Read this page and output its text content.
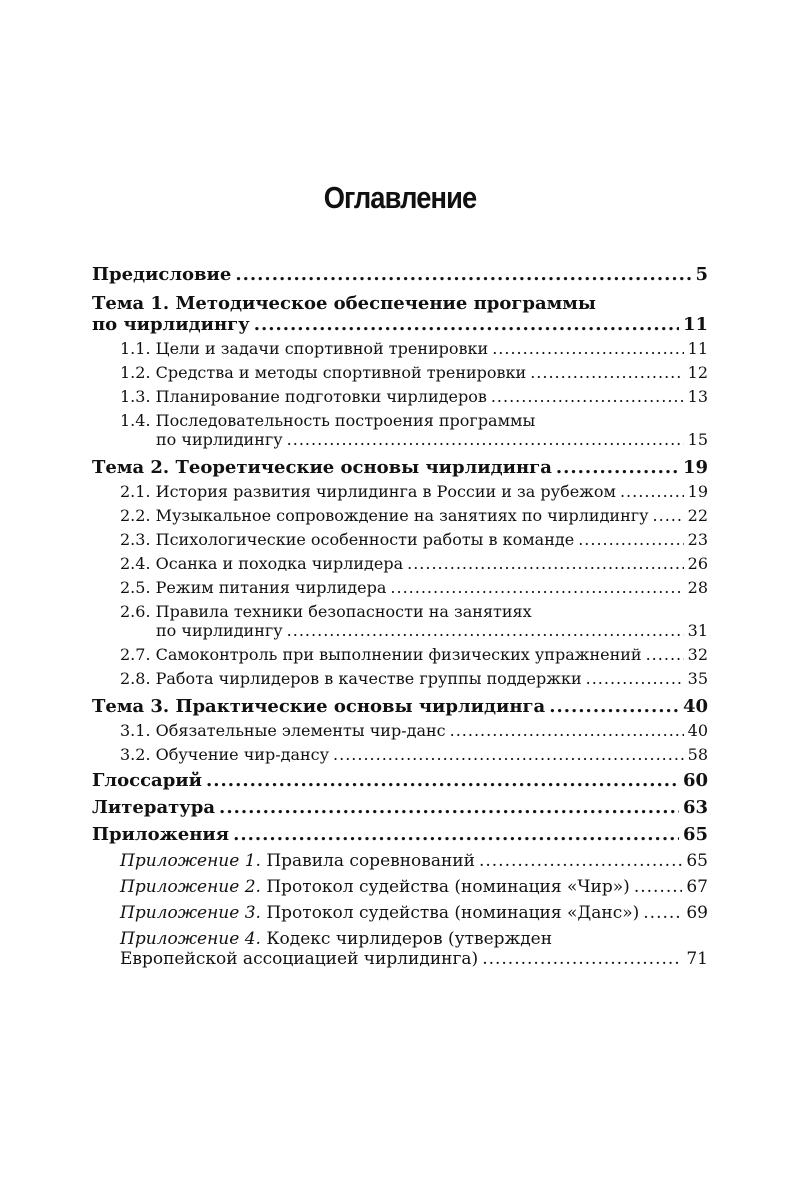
Оглавление
Предисловие .....	5
Тема 1. Методическое обеспечение программы
по чирлидингу .....	11
1.1. Цели и задачи спортивной тренировки .....	11
1.2. Средства и методы спортивной тренировки .....	12
1.3. Планирование подготовки чирлидеров .....	13
1.4. Последовательность построения программы
по чирлидингу .....	15
Тема 2. Теоретические основы чирлидинга .....	19
2.1. История развития чирлидинга в России и за рубежом .....	19
2.2. Музыкальное сопровождение на занятиях по чирлидингу ..... 22
2.3. Психологические особенности работы в команде .....	23
2.4. Осанка и походка чирлидера .....	26
2.5. Режим питания чирлидера .....	28
2.6. Правила техники безопасности на занятиях
по чирлидингу .....	31
2.7. Самоконтроль при выполнении физических упражнений .....	32
2.8. Работа чирлидеров в качестве группы поддержки .....	35
Тема 3. Практические основы чирлидинга .....	40
3.1. Обязательные элементы чир-данс .....	40
3.2. Обучение чир-дансу .....	58
Глоссарий .....	60
Литература .....	63
Приложения .....	65
Приложение 1.
Правила соревнований .....	65
Приложение 2.
Протокол судейства (номинация «Чир») .....	67
Приложение 3.
Протокол судейства (номинация «Данс») .....	69
Приложение 4. Кодекс чирлидеров (утвержден
Европейской ассоциацией чирлидинга) .....	71
